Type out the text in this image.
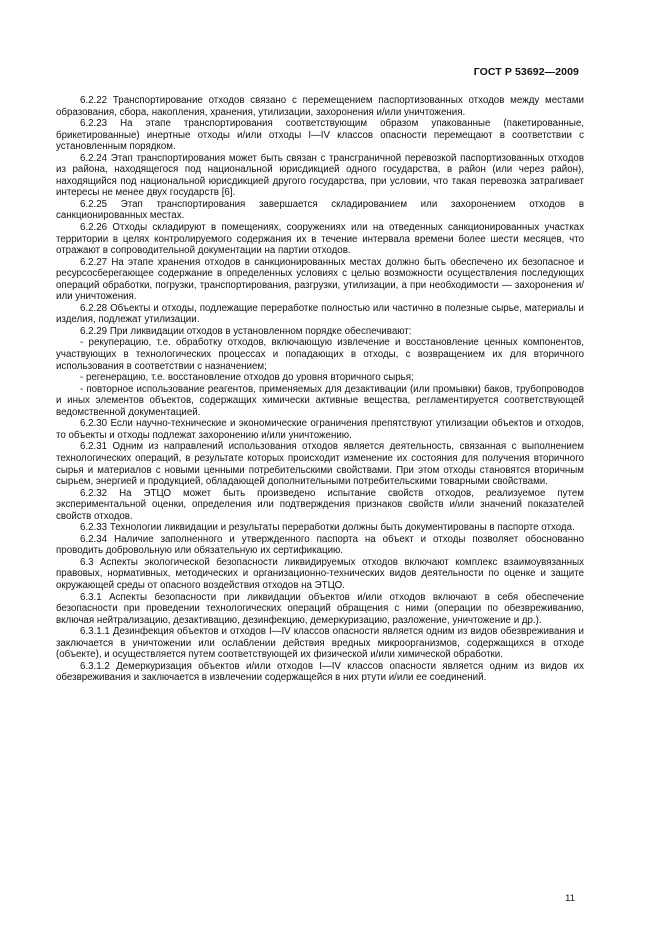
ГОСТ Р 53692—2009

6.2.22 Транспортирование отходов связано с перемещением паспортизованных отходов между местами образования, сбора, накопления, хранения, утилизации, захоронения и/или уничтожения.

6.2.23 На этапе транспортирования соответствующим образом упакованные (пакетированные, брикетированные) инертные отходы и/или отходы I—IV классов опасности перемещают в соответствии с установленным порядком.

6.2.24 Этап транспортирования может быть связан с трансграничной перевозкой паспортизованных отходов из района, находящегося под национальной юрисдикцией одного государства, в район (или через район), находящийся под национальной юрисдикцией другого государства, при условии, что такая перевозка затрагивает интересы не менее двух государств [6].

6.2.25 Этап транспортирования завершается складированием или захоронением отходов в санкционированных местах.

6.2.26 Отходы складируют в помещениях, сооружениях или на отведенных санкционированных участках территории в целях контролируемого содержания их в течение интервала времени более шести месяцев, что отражают в сопроводительной документации на партии отходов.

6.2.27 На этапе хранения отходов в санкционированных местах должно быть обеспечено их безопасное и ресурсосберегающее содержание в определенных условиях с целью возможности осуществления последующих операций обработки, погрузки, транспортирования, разгрузки, утилизации, а при необходимости — захоронения и/или уничтожения.

6.2.28 Объекты и отходы, подлежащие переработке полностью или частично в полезные сырье, материалы и изделия, подлежат утилизации.

6.2.29 При ликвидации отходов в установленном порядке обеспечивают:

- рекуперацию, т.е. обработку отходов, включающую извлечение и восстановление ценных компонентов, участвующих в технологических процессах и попадающих в отходы, с возвращением их для вторичного использования в соответствии с назначением;

- регенерацию, т.е. восстановление отходов до уровня вторичного сырья;

- повторное использование реагентов, применяемых для дезактивации (или промывки) баков, трубопроводов и иных элементов объектов, содержащих химически активные вещества, регламентируется соответствующей ведомственной документацией.

6.2.30 Если научно-технические и экономические ограничения препятствуют утилизации объектов и отходов, то объекты и отходы подлежат захоронению и/или уничтожению.

6.2.31 Одним из направлений использования отходов является деятельность, связанная с выполнением технологических операций, в результате которых происходит изменение их состояния для получения вторичного сырья и материалов с новыми ценными потребительскими свойствами. При этом отходы становятся вторичным сырьем, энергией и продукцией, обладающей дополнительными потребительскими товарными свойствами.

6.2.32 На ЭТЦО может быть произведено испытание свойств отходов, реализуемое путем экспериментальной оценки, определения или подтверждения признаков свойств и/или значений показателей свойств отходов.

6.2.33 Технологии ликвидации и результаты переработки должны быть документированы в паспорте отхода.

6.2.34 Наличие заполненного и утвержденного паспорта на объект и отходы позволяет обоснованно проводить добровольную или обязательную их сертификацию.

6.3 Аспекты экологической безопасности ликвидируемых отходов включают комплекс взаимоувязанных правовых, нормативных, методических и организационно-технических видов деятельности по оценке и защите окружающей среды от опасного воздействия отходов на ЭТЦО.

6.3.1 Аспекты безопасности при ликвидации объектов и/или отходов включают в себя обеспечение безопасности при проведении технологических операций обращения с ними (операции по обезвреживанию, включая нейтрализацию, дезактивацию, дезинфекцию, демеркуризацию, разложение, уничтожение и др.).

6.3.1.1 Дезинфекция объектов и отходов I—IV классов опасности является одним из видов обезвреживания и заключается в уничтожении или ослаблении действия вредных микроорганизмов, содержащихся в отходе (объекте), и осуществляется путем соответствующей их физической и/или химической обработки.

6.3.1.2 Демеркуризация объектов и/или отходов I—IV классов опасности является одним из видов их обезвреживания и заключается в извлечении содержащейся в них ртути и/или ее соединений.

11
